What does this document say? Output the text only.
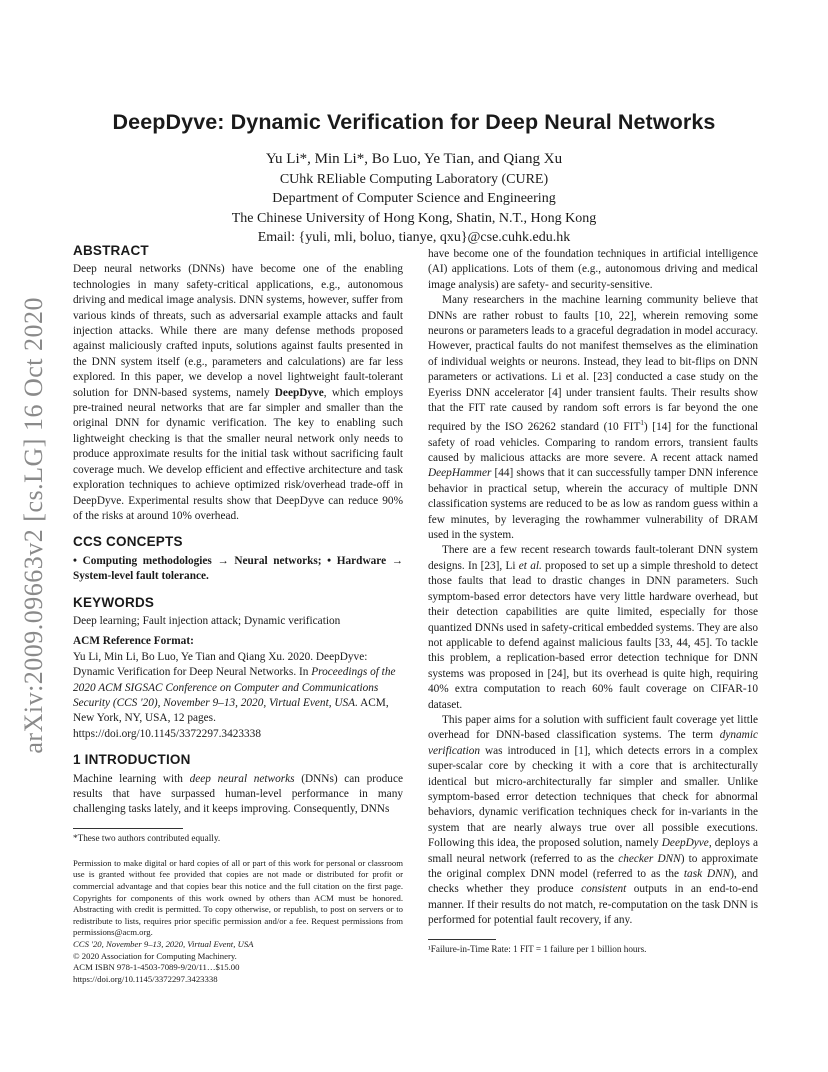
arXiv:2009.09663v2 [cs.LG] 16 Oct 2020
DeepDyve: Dynamic Verification for Deep Neural Networks
Yu Li*, Min Li*, Bo Luo, Ye Tian, and Qiang Xu
CUhk REliable Computing Laboratory (CURE)
Department of Computer Science and Engineering
The Chinese University of Hong Kong, Shatin, N.T., Hong Kong
Email: {yuli, mli, boluo, tianye, qxu}@cse.cuhk.edu.hk
ABSTRACT

Deep neural networks (DNNs) have become one of the enabling technologies in many safety-critical applications, e.g., autonomous driving and medical image analysis. DNN systems, however, suffer from various kinds of threats, such as adversarial example attacks and fault injection attacks. While there are many defense methods proposed against maliciously crafted inputs, solutions against faults presented in the DNN system itself (e.g., parameters and calculations) are far less explored. In this paper, we develop a novel lightweight fault-tolerant solution for DNN-based systems, namely DeepDyve, which employs pre-trained neural networks that are far simpler and smaller than the original DNN for dynamic verification. The key to enabling such lightweight checking is that the smaller neural network only needs to produce approximate results for the initial task without sacrificing fault coverage much. We develop efficient and effective architecture and task exploration techniques to achieve optimized risk/overhead trade-off in DeepDyve. Experimental results show that DeepDyve can reduce 90% of the risks at around 10% overhead.

CCS CONCEPTS

• Computing methodologies → Neural networks; • Hardware → System-level fault tolerance.

KEYWORDS

Deep learning; Fault injection attack; Dynamic verification

ACM Reference Format:

Yu Li, Min Li, Bo Luo, Ye Tian and Qiang Xu. 2020. DeepDyve: Dynamic Verification for Deep Neural Networks. In Proceedings of the 2020 ACM SIGSAC Conference on Computer and Communications Security (CCS '20), November 9–13, 2020, Virtual Event, USA. ACM, New York, NY, USA, 12 pages. https://doi.org/10.1145/3372297.3423338

1 INTRODUCTION

Machine learning with deep neural networks (DNNs) can produce results that have surpassed human-level performance in many challenging tasks lately, and it keeps improving. Consequently, DNNs

*These two authors contributed equally.
Permission to make digital or hard copies of all or part of this work for personal or classroom use is granted without fee provided that copies are not made or distributed for profit or commercial advantage and that copies bear this notice and the full citation on the first page. Copyrights for components of this work owned by others than ACM must be honored. Abstracting with credit is permitted. To copy otherwise, or republish, to post on servers or to redistribute to lists, requires prior specific permission and/or a fee. Request permissions from permissions@acm.org.
CCS '20, November 9–13, 2020, Virtual Event, USA
© 2020 Association for Computing Machinery.
ACM ISBN 978-1-4503-7089-9/20/11…$15.00
https://doi.org/10.1145/3372297.3423338

have become one of the foundation techniques in artificial intelligence (AI) applications. Lots of them (e.g., autonomous driving and medical image analysis) are safety- and security-sensitive.

Many researchers in the machine learning community believe that DNNs are rather robust to faults [10, 22], wherein removing some neurons or parameters leads to a graceful degradation in model accuracy. However, practical faults do not manifest themselves as the elimination of individual weights or neurons. Instead, they lead to bit-flips on DNN parameters or activations. Li et al. [23] conducted a case study on the Eyeriss DNN accelerator [4] under transient faults. Their results show that the FIT rate caused by random soft errors is far beyond the one required by the ISO 26262 standard (10 FIT$^1$) [14] for the functional safety of road vehicles. Comparing to random errors, transient faults caused by malicious attacks are more severe. A recent attack named DeepHammer [44] shows that it can successfully tamper DNN inference behavior in practical setup, wherein the accuracy of multiple DNN classification systems are reduced to be as low as random guess within a few minutes, by leveraging the rowhammer vulnerability of DRAM used in the system.

There are a few recent research towards fault-tolerant DNN system designs. In [23], Li et al. proposed to set up a simple threshold to detect those faults that lead to drastic changes in DNN parameters. Such symptom-based error detectors have very little hardware overhead, but their detection capabilities are quite limited, especially for those quantized DNNs used in safety-critical embedded systems. They are also not applicable to defend against malicious faults [33, 44, 45]. To tackle this problem, a replication-based error detection technique for DNN systems was proposed in [24], but its overhead is quite high, requiring 40% extra computation to reach 60% fault coverage on CIFAR-10 dataset.

This paper aims for a solution with sufficient fault coverage yet little overhead for DNN-based classification systems. The term dynamic verification was introduced in [1], which detects errors in a complex super-scalar core by checking it with a core that is architecturally identical but micro-architecturally far simpler and smaller. Unlike symptom-based error detection techniques that check for abnormal behaviors, dynamic verification techniques check for in-variants in the system that are nearly always true over all possible executions. Following this idea, the proposed solution, namely DeepDyve, deploys a small neural network (referred to as the checker DNN) to approximate the original complex DNN model (referred to as the task DNN), and checks whether they produce consistent outputs in an end-to-end manner. If their results do not match, re-computation on the task DNN is performed for potential fault recovery, if any.

¹Failure-in-Time Rate: 1 FIT = 1 failure per 1 billion hours.
